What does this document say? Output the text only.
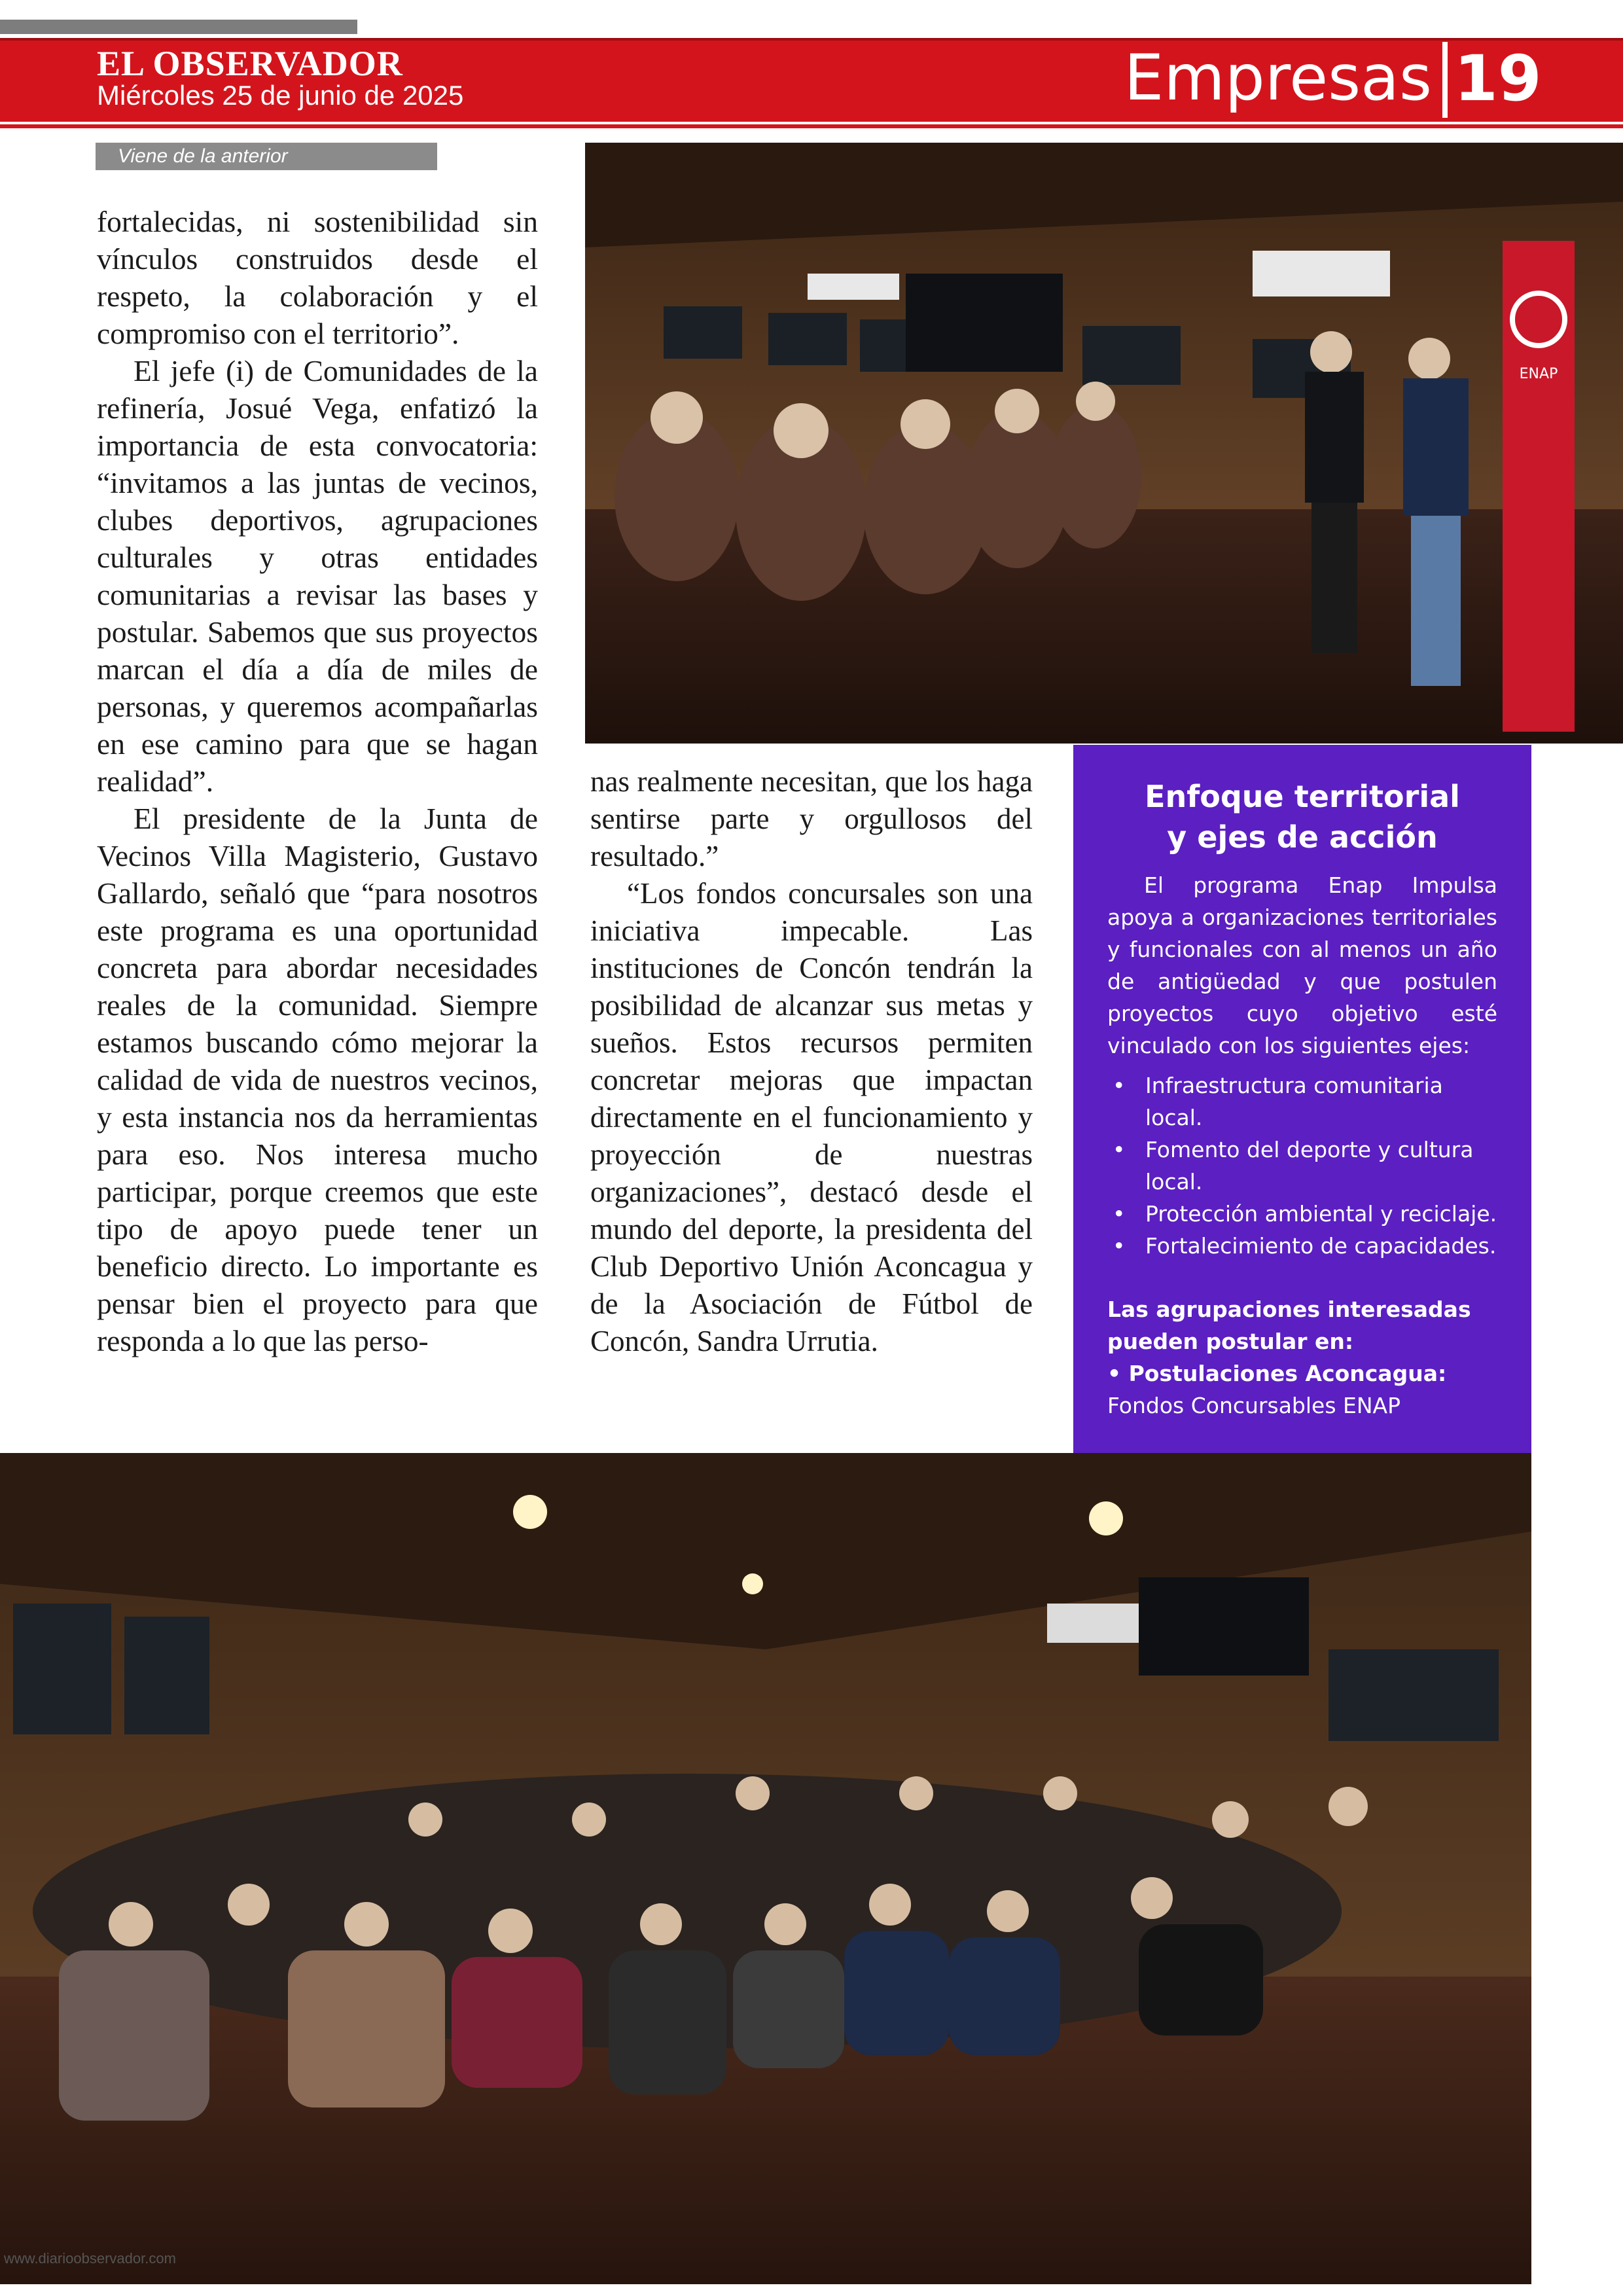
EL OBSERVADOR
Miércoles 25 de junio de 2025	Empresas 19
Viene de la anterior

fortalecidas, ni sostenibilidad sin vínculos construidos desde el respeto, la colaboración y el compromiso con el territorio”.

El jefe (i) de Comunidades de la refinería, Josué Vega, enfatizó la importancia de esta convocatoria: “invitamos a las juntas de vecinos, clubes deportivos, agrupaciones culturales y otras entidades comunitarias a revisar las bases y postular. Sabemos que sus proyectos marcan el día a día de miles de personas, y queremos acompañarlas en ese camino para que se hagan realidad”.

El presidente de la Junta de Vecinos Villa Magisterio, Gustavo Gallardo, señaló que “para nosotros este programa es una oportunidad concreta para abordar necesidades reales de la comunidad. Siempre estamos buscando cómo mejorar la calidad de vida de nuestros vecinos, y esta instancia nos da herramientas para eso. Nos interesa mucho participar, porque creemos que este tipo de apoyo puede tener un beneficio directo. Lo importante es pensar bien el proyecto para que responda a lo que las perso-

ENAP

nas realmente necesitan, que los haga sentirse parte y orgullosos del resultado.”

“Los fondos concursales son una iniciativa impecable. Las instituciones de Concón tendrán la posibilidad de alcanzar sus metas y sueños. Estos recursos permiten concretar mejoras que impactan directamente en el funcionamiento y proyección de nuestras organizaciones”, destacó desde el mundo del deporte, la presidenta del Club Deportivo Unión Aconcagua y de la Asociación de Fútbol de Concón, Sandra Urrutia.

Enfoque territorial
y ejes de acción

El programa Enap Impulsa apoya a organizaciones territoriales y funcionales con al menos un año de antigüedad y que postulen proyectos cuyo objetivo esté vinculado con los siguientes ejes:

• Infraestructura comunitaria local.
• Fomento del deporte y cultura local.
• Protección ambiental y reciclaje.
• Fortalecimiento de capacidades.

Las agrupaciones interesadas pueden postular en:

• Postulaciones Aconcagua:

Fondos Concursables ENAP

www.diarioobservador.com
